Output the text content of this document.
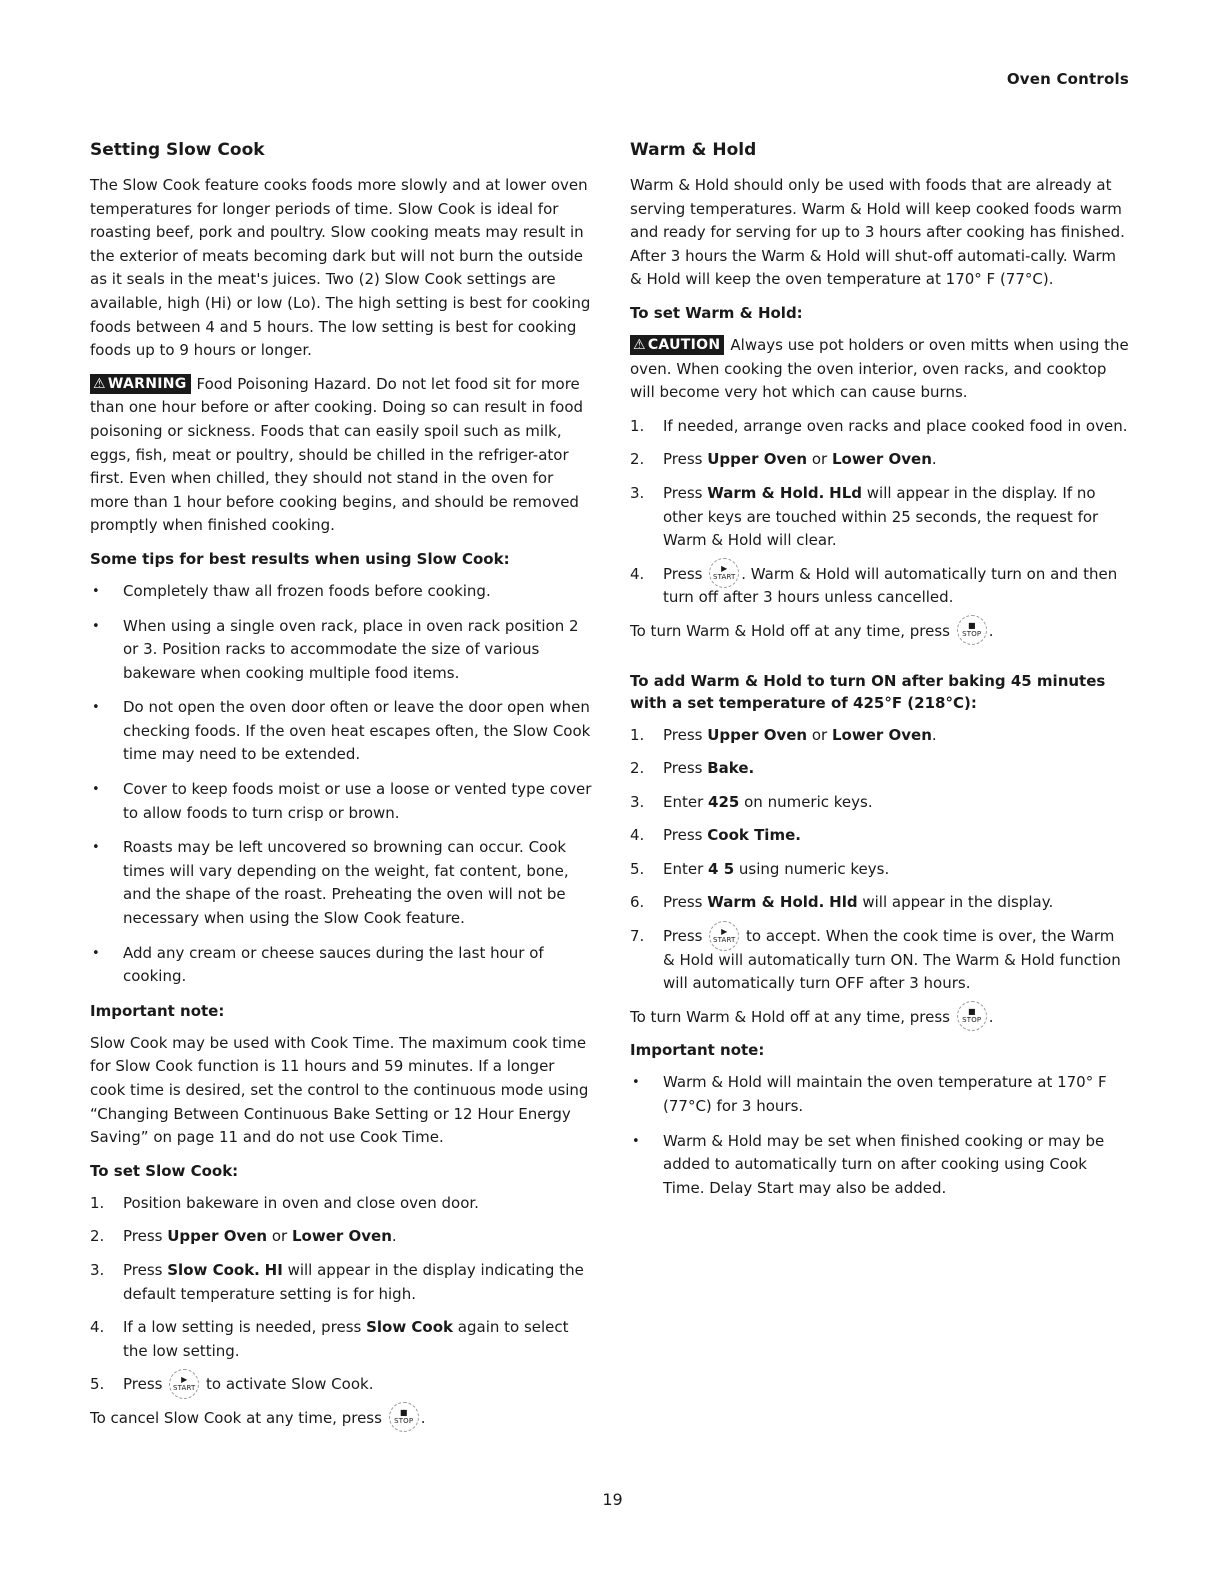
Oven Controls
Setting Slow Cook

The Slow Cook feature cooks foods more slowly and at lower oven temperatures for longer periods of time. Slow Cook is ideal for roasting beef, pork and poultry. Slow cooking meats may result in the exterior of meats becoming dark but will not burn the outside as it seals in the meat's juices. Two (2) Slow Cook settings are available, high (Hi) or low (Lo). The high setting is best for cooking foods between 4 and 5 hours. The low setting is best for cooking foods up to 9 hours or longer.

⚠ WARNING Food Poisoning Hazard. Do not let food sit for more than one hour before or after cooking. Doing so can result in food poisoning or sickness. Foods that can easily spoil such as milk, eggs, fish, meat or poultry, should be chilled in the refriger-ator first. Even when chilled, they should not stand in the oven for more than 1 hour before cooking begins, and should be removed promptly when finished cooking.

Some tips for best results when using Slow Cook:
• Completely thaw all frozen foods before cooking.
• When using a single oven rack, place in oven rack position 2 or 3. Position racks to accommodate the size of various bakeware when cooking multiple food items.
• Do not open the oven door often or leave the door open when checking foods. If the oven heat escapes often, the Slow Cook time may need to be extended.
• Cover to keep foods moist or use a loose or vented type cover to allow foods to turn crisp or brown.
• Roasts may be left uncovered so browning can occur. Cook times will vary depending on the weight, fat content, bone, and the shape of the roast. Preheating the oven will not be necessary when using the Slow Cook feature.
• Add any cream or cheese sauces during the last hour of cooking.
Important note:

Slow Cook may be used with Cook Time. The maximum cook time for Slow Cook function is 11 hours and 59 minutes. If a longer cook time is desired, set the control to the continuous mode using “Changing Between Continuous Bake Setting or 12 Hour Energy Saving” on page 11 and do not use Cook Time.

To set Slow Cook:
1. Position bakeware in oven and close oven door.
2. Press Upper Oven or Lower Oven.
3. Press Slow Cook. HI will appear in the display indicating the default temperature setting is for high.
4. If a low setting is needed, press Slow Cook again to select the low setting.
5. Press ▶
START to activate Slow Cook.

To cancel Slow Cook at any time, press ■
STOP .

Warm & Hold

Warm & Hold should only be used with foods that are already at serving temperatures. Warm & Hold will keep cooked foods warm and ready for serving for up to 3 hours after cooking has finished. After 3 hours the Warm & Hold will shut-off automati-cally. Warm & Hold will keep the oven temperature at 170° F (77°C).

To set Warm & Hold:

⚠ CAUTION Always use pot holders or oven mitts when using the oven. When cooking the oven interior, oven racks, and cooktop will become very hot which can cause burns.

1. If needed, arrange oven racks and place cooked food in oven.
2. Press Upper Oven or Lower Oven.
3. Press Warm & Hold. HLd will appear in the display. If no other keys are touched within 25 seconds, the request for Warm & Hold will clear.
4. Press ▶
START . Warm & Hold will automatically turn on and then turn off after 3 hours unless cancelled.

To turn Warm & Hold off at any time, press ■
STOP .

To add Warm & Hold to turn ON after baking 45 minutes with a set temperature of 425°F (218°C):
1. Press Upper Oven or Lower Oven.
2. Press Bake.
3. Enter 425 on numeric keys.
4. Press Cook Time.
5. Enter 4 5 using numeric keys.
6. Press Warm & Hold. Hld will appear in the display.
7. Press ▶
START to accept. When the cook time is over, the Warm & Hold will automatically turn ON. The Warm & Hold function will automatically turn OFF after 3 hours.

To turn Warm & Hold off at any time, press ■
STOP .

Important note:
• Warm & Hold will maintain the oven temperature at 170° F (77°C) for 3 hours.
• Warm & Hold may be set when finished cooking or may be added to automatically turn on after cooking using Cook Time. Delay Start may also be added.
19
